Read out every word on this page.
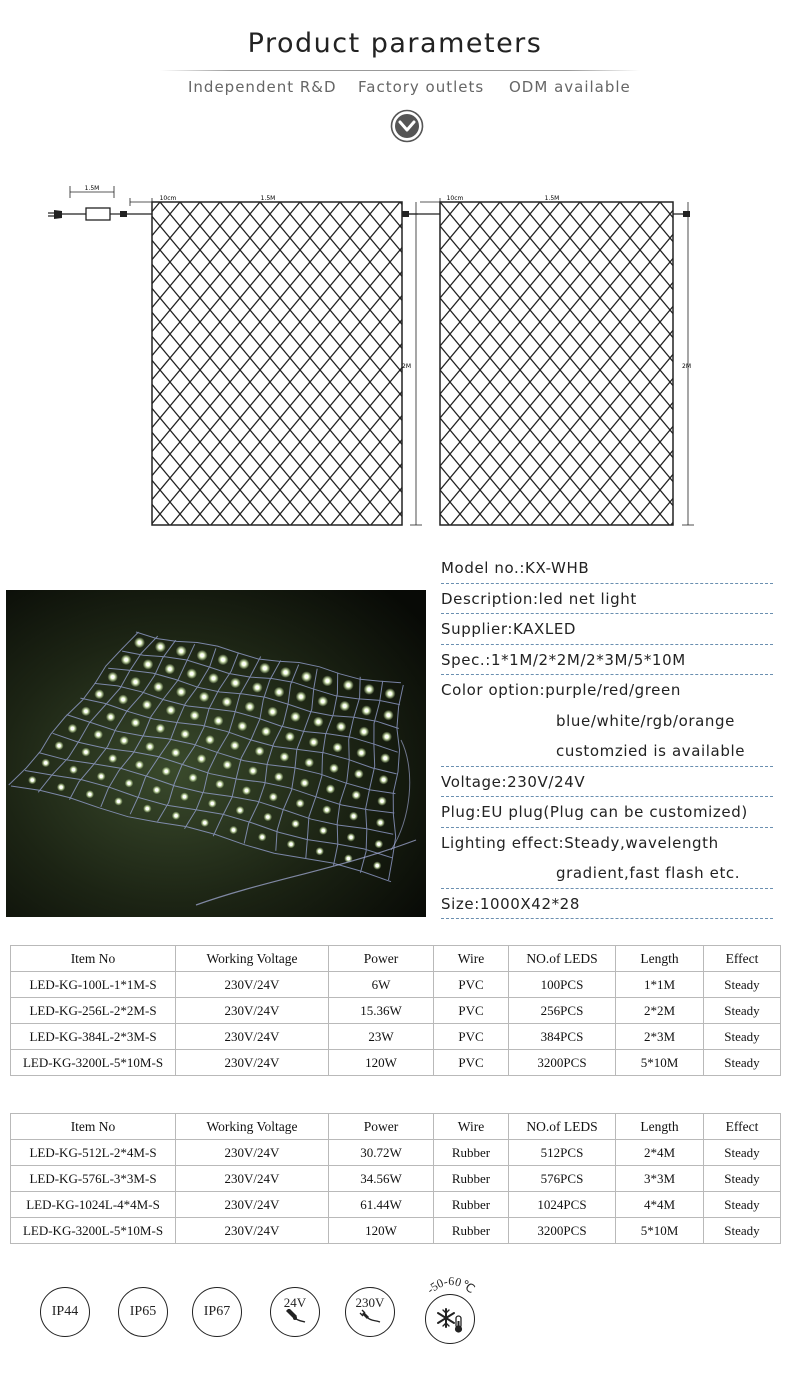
Product parameters
Independent R&D Factory outlets ODM available
1.5M
10cm	1.5M
2M
10cm	1.5M
2M
Model no.:KX-WHB
Description:led net light
Supplier:KAXLED
Spec.:1*1M/2*2M/2*3M/5*10M
Color option:purple/red/green
blue/white/rgb/orange
customzied is available
Voltage:230V/24V
Plug:EU plug(Plug can be customized)
Lighting effect:Steady,wavelength
gradient,fast flash etc.
Size:1000X42*28
Item No	Working Voltage	Power	Wire	NO.of LEDS	Length	Effect
LED-KG-100L-1*1M-S	230V/24V	6W	PVC	100PCS	1*1M	Steady
LED-KG-256L-2*2M-S	230V/24V	15.36W	PVC	256PCS	2*2M	Steady
LED-KG-384L-2*3M-S	230V/24V	23W	PVC	384PCS	2*3M	Steady
LED-KG-3200L-5*10M-S	230V/24V	120W	PVC	3200PCS	5*10M	Steady
Item No	Working Voltage	Power	Wire	NO.of LEDS	Length	Effect
LED-KG-512L-2*4M-S	230V/24V	30.72W	Rubber	512PCS	2*4M	Steady
LED-KG-576L-3*3M-S	230V/24V	34.56W	Rubber	576PCS	3*3M	Steady
LED-KG-1024L-4*4M-S	230V/24V	61.44W	Rubber	1024PCS	4*4M	Steady
LED-KG-3200L-5*10M-S	230V/24V	120W	Rubber	3200PCS	5*10M	Steady
IP44	IP65	IP67
24V	230V
-50-60℃
